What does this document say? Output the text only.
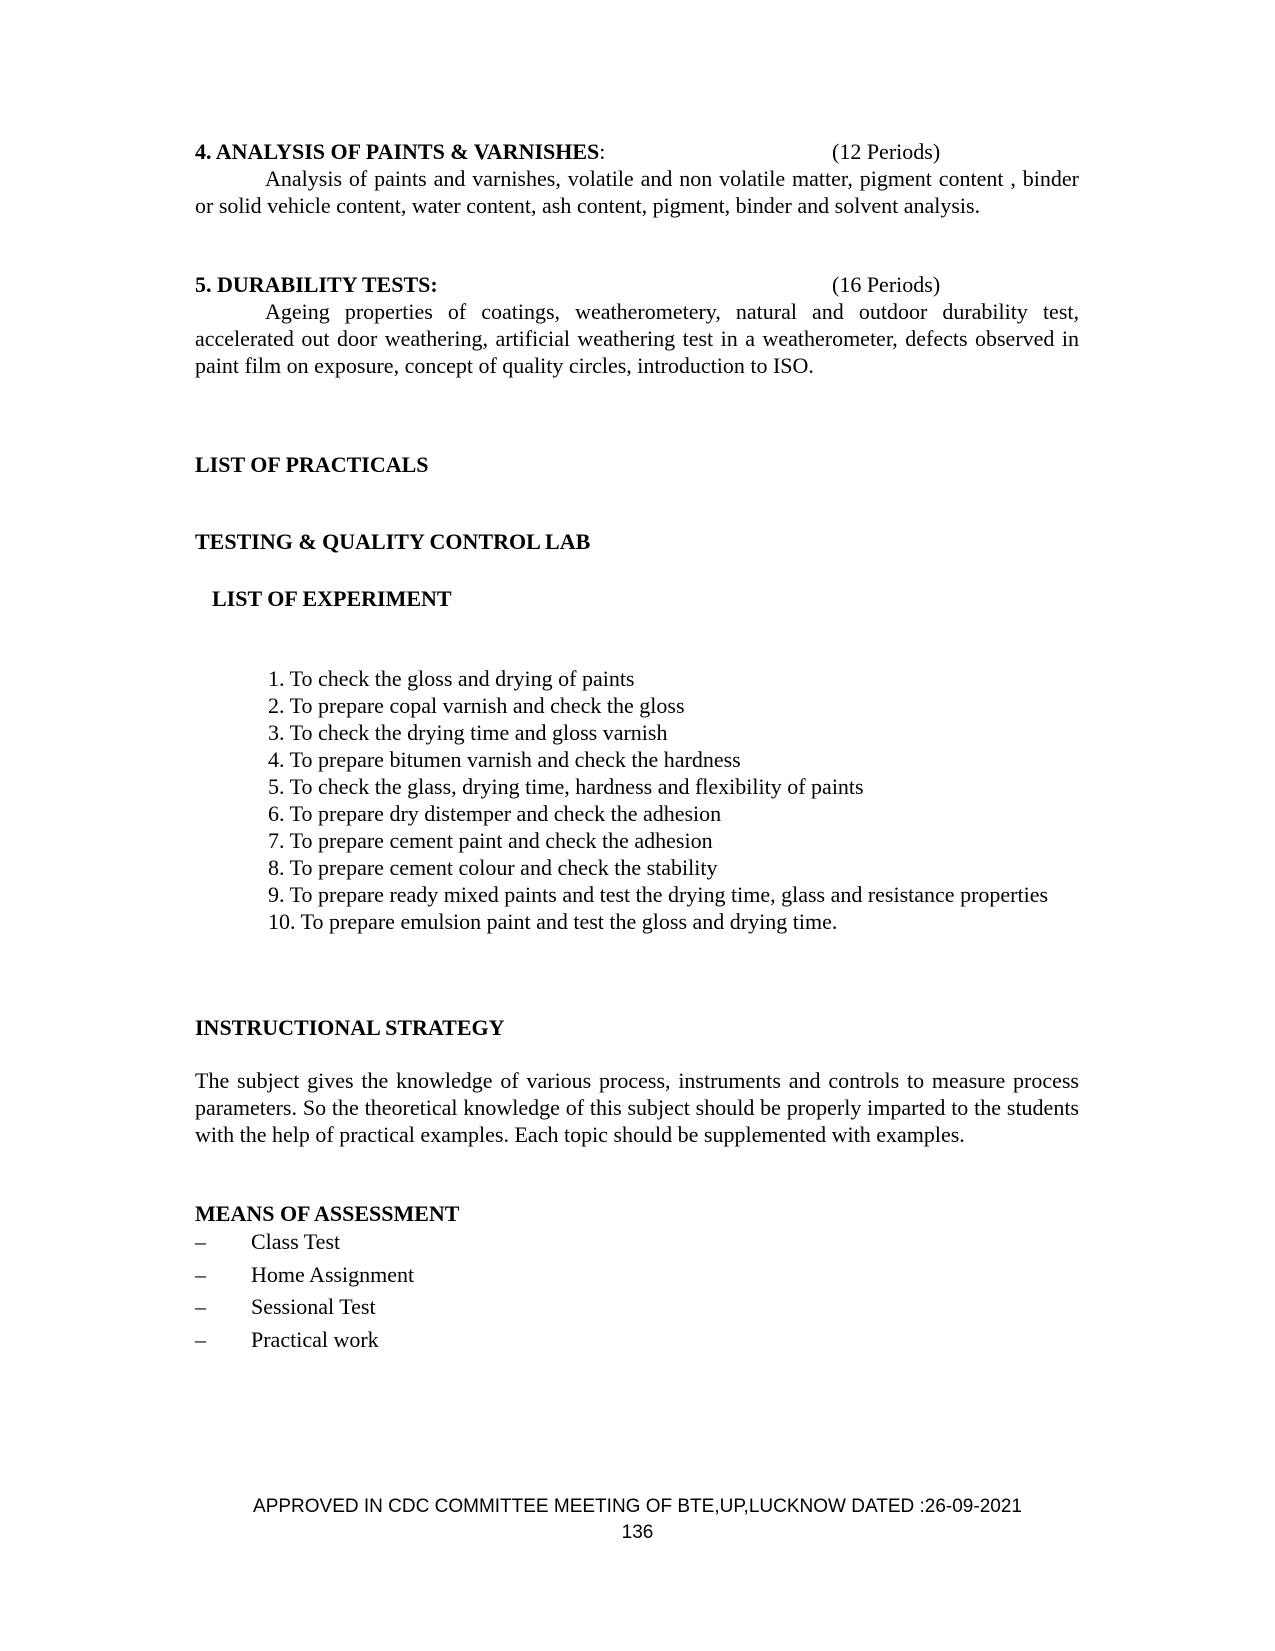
4. ANALYSIS OF PAINTS & VARNISHES:	(12 Periods)
Analysis of paints and varnishes, volatile and non volatile matter, pigment content , binder or solid vehicle content, water content, ash content, pigment, binder and solvent analysis.
5. DURABILITY TESTS:	(16 Periods)
Ageing properties of coatings, weatherometery, natural and outdoor durability test, accelerated out door weathering, artificial weathering test in a weatherometer, defects observed in paint film on exposure, concept of quality circles, introduction to ISO.
LIST OF PRACTICALS
TESTING & QUALITY CONTROL LAB
LIST OF EXPERIMENT
1. To check the gloss and drying of paints
2. To prepare copal varnish and check the gloss
3. To check the drying time and gloss varnish
4. To prepare bitumen varnish and check the hardness
5. To check the glass, drying time, hardness and flexibility of paints
6. To prepare dry distemper and check the adhesion
7. To prepare cement paint and check the adhesion
8. To prepare cement colour and check the stability
9. To prepare ready mixed paints and test the drying time, glass and resistance properties
10. To prepare emulsion paint and test the gloss and drying time.
INSTRUCTIONAL STRATEGY
The subject gives the knowledge of various process, instruments and controls to measure process parameters. So the theoretical knowledge of this subject should be properly imparted to the students with the help of practical examples. Each topic should be supplemented with examples.
MEANS OF ASSESSMENT
– Class Test
– Home Assignment
– Sessional Test
– Practical work
APPROVED IN CDC COMMITTEE MEETING OF BTE,UP,LUCKNOW DATED :26-09-2021
136
